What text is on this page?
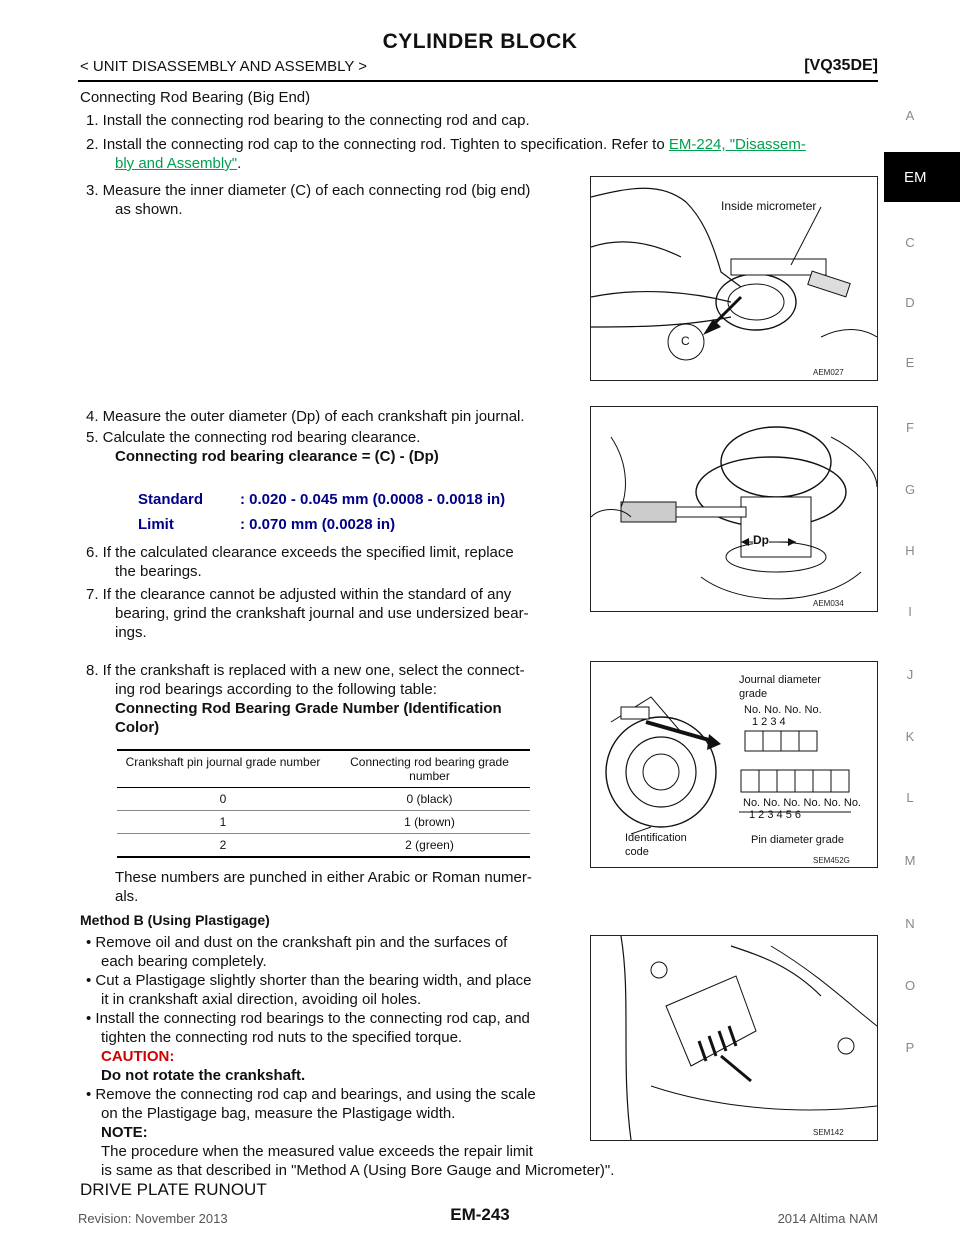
CYLINDER BLOCK
< UNIT DISASSEMBLY AND ASSEMBLY >	[VQ35DE]
A
EM
C
D
E
F
G
H
I
J
K
L
M
N
O
P
Connecting Rod Bearing (Big End)
1. Install the connecting rod bearing to the connecting rod and cap.
2. Install the connecting rod cap to the connecting rod. Tighten to specification. Refer to EM-224, "Disassem-
bly and Assembly".
3. Measure the inner diameter (C) of each connecting rod (big end)
as shown.
4. Measure the outer diameter (Dp) of each crankshaft pin journal.
5. Calculate the connecting rod bearing clearance.
Connecting rod bearing clearance = (C) - (Dp)
Standard : 0.020 - 0.045 mm (0.0008 - 0.0018 in)
Limit	: 0.070 mm (0.0028 in)
6. If the calculated clearance exceeds the specified limit, replace
the bearings.
7. If the clearance cannot be adjusted within the standard of any
bearing, grind the crankshaft journal and use undersized bear-
ings.
8. If the crankshaft is replaced with a new one, select the connect-
ing rod bearings according to the following table:
Connecting Rod Bearing Grade Number (Identification
Color)
Crankshaft pin journal grade number	Connecting rod bearing grade number
0	0 (black)
1	1 (brown)
2	2 (green)
These numbers are punched in either Arabic or Roman numer-
als.
Method B (Using Plastigage)
• Remove oil and dust on the crankshaft pin and the surfaces of
each bearing completely.
• Cut a Plastigage slightly shorter than the bearing width, and place
it in crankshaft axial direction, avoiding oil holes.
• Install the connecting rod bearings to the connecting rod cap, and
tighten the connecting rod nuts to the specified torque.
CAUTION:
Do not rotate the crankshaft.
• Remove the connecting rod cap and bearings, and using the scale
on the Plastigage bag, measure the Plastigage width.
NOTE:
The procedure when the measured value exceeds the repair limit
is same as that described in "Method A (Using Bore Gauge and Micrometer)".
DRIVE PLATE RUNOUT
Inside micrometer
C
AEM027
Dp
AEM034
Journal diameter
grade
No. No. No. No.
1 2 3 4
No. No. No. No. No. No.
1 2 3 4 5 6
Pin diameter grade
Identification
code
SEM452G
SEM142
Revision: November 2013	EM-243	2014 Altima NAM
